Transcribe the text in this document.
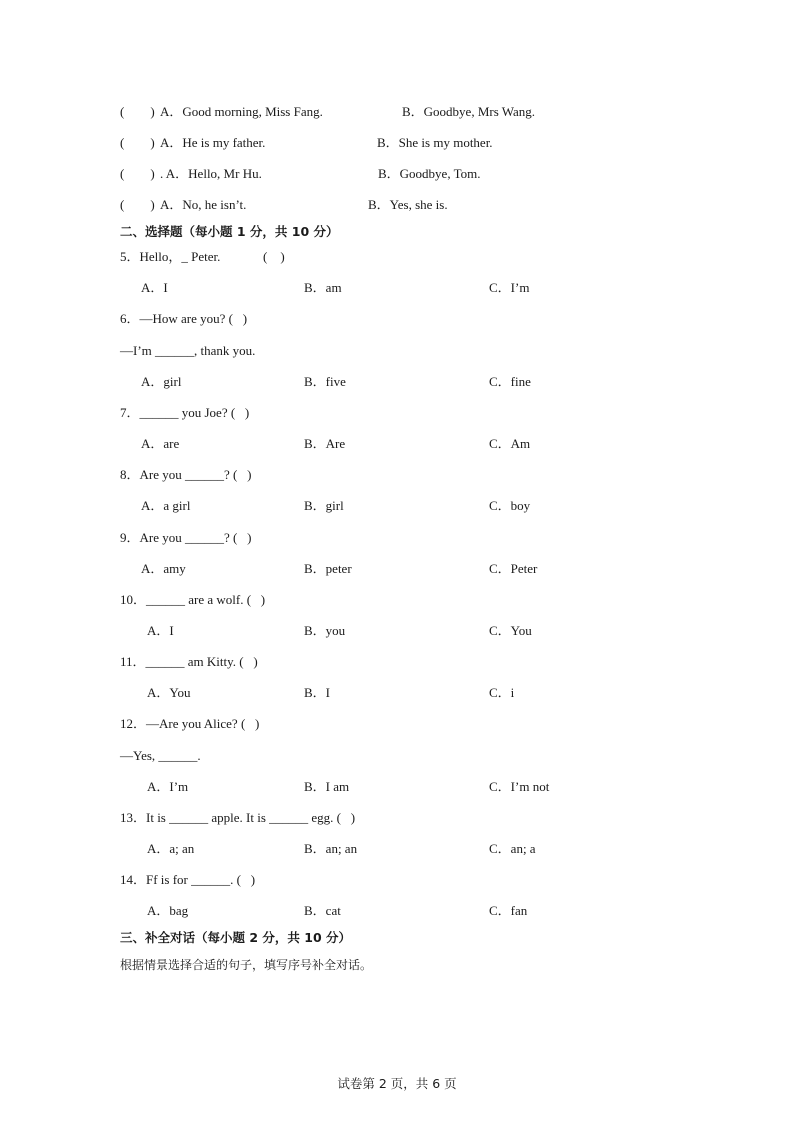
(        ) A．Good morning, Miss Fang.	B．Goodbye, Mrs Wang.
(        ) A．He is my father.	B．She is my mother.
(        ) . A．Hello, Mr Hu.	B．Goodbye, Tom.
(        ) A．No, he isn’t.	B．Yes, she is.
二、选择题（每小题 1 分，共 10 分）
5．Hello，_ Peter.	(    )
A．I	B．am	C．I’m
6．—How are you? (   )
—I’m ______, thank you.
A．girl	B．five	C．fine
7．______ you Joe? (   )
A．are	B．Are	C．Am
8．Are you ______? (   )
A．a girl	B．girl	C．boy
9．Are you ______? (   )
A．amy	B．peter	C．Peter
10．______ are a wolf. (   )
A．I	B．you	C．You
11．______ am Kitty. (   )
A．You	B．I	C．i
12．—Are you Alice? (   )
—Yes, ______.
A．I’m	B．I am	C．I’m not
13．It is ______ apple. It is ______ egg. (   )
A．a; an	B．an; an	C．an; a
14．Ff is for ______. (   )
A．bag	B．cat	C．fan
三、补全对话（每小题 2 分，共 10 分）
根据情景选择合适的句子，填写序号补全对话。
试卷第 2 页，共 6 页
